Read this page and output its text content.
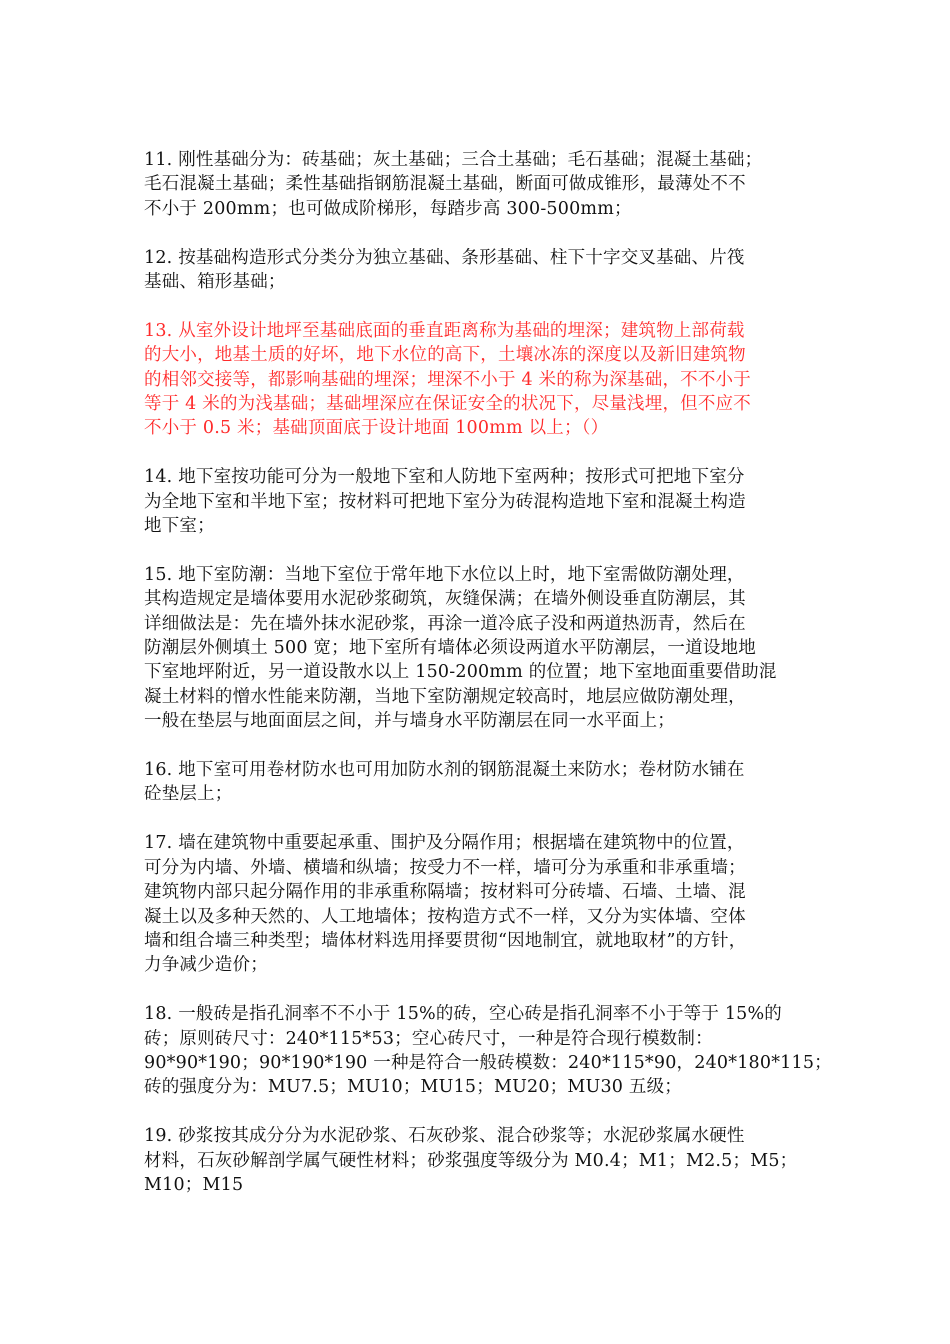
11. 刚性基础分为：砖基础；灰土基础；三合土基础；毛石基础；混凝土基础；
毛石混凝土基础；柔性基础指钢筋混凝土基础，断面可做成锥形，最薄处不不
不小于 200mm；也可做成阶梯形，每踏步高 300-500mm；
12. 按基础构造形式分类分为独立基础、条形基础、柱下十字交叉基础、片筏
基础、箱形基础；
13. 从室外设计地坪至基础底面的垂直距离称为基础的埋深；建筑物上部荷载
的大小，地基土质的好坏，地下水位的高下，土壤冰冻的深度以及新旧建筑物
的相邻交接等，都影响基础的埋深；埋深不小于 4 米的称为深基础，不不小于
等于 4 米的为浅基础；基础埋深应在保证安全的状况下，尽量浅埋，但不应不
不小于 0.5 米；基础顶面底于设计地面 100mm 以上；（）
14. 地下室按功能可分为一般地下室和人防地下室两种；按形式可把地下室分
为全地下室和半地下室；按材料可把地下室分为砖混构造地下室和混凝土构造
地下室；
15. 地下室防潮：当地下室位于常年地下水位以上时，地下室需做防潮处理，
其构造规定是墙体要用水泥砂浆砌筑，灰缝保满；在墙外侧设垂直防潮层，其
详细做法是：先在墙外抹水泥砂浆，再涂一道冷底子没和两道热沥青，然后在
防潮层外侧填土 500 宽；地下室所有墙体必须设两道水平防潮层，一道设地地
下室地坪附近，另一道设散水以上 150-200mm 的位置；地下室地面重要借助混
凝土材料的憎水性能来防潮，当地下室防潮规定较高时，地层应做防潮处理，
一般在垫层与地面面层之间，并与墙身水平防潮层在同一水平面上；
16. 地下室可用卷材防水也可用加防水剂的钢筋混凝土来防水；卷材防水铺在
砼垫层上；
17. 墙在建筑物中重要起承重、围护及分隔作用；根据墙在建筑物中的位置，
可分为内墙、外墙、横墙和纵墙；按受力不一样，墙可分为承重和非承重墙；
建筑物内部只起分隔作用的非承重称隔墙；按材料可分砖墙、石墙、土墙、混
凝土以及多种天然的、人工地墙体；按构造方式不一样，又分为实体墙、空体
墙和组合墙三种类型；墙体材料选用择要贯彻“因地制宜，就地取材”的方针，
力争减少造价；
18. 一般砖是指孔洞率不不小于 15%的砖，空心砖是指孔洞率不小于等于 15%的
砖；原则砖尺寸：240*115*53；空心砖尺寸，一种是符合现行模数制：
90*90*190；90*190*190 一种是符合一般砖模数：240*115*90，240*180*115；
砖的强度分为：MU7.5；MU10；MU15；MU20；MU30 五级；
19. 砂浆按其成分分为水泥砂浆、石灰砂浆、混合砂浆等；水泥砂浆属水硬性
材料，石灰砂解剖学属气硬性材料；砂浆强度等级分为 M0.4；M1；M2.5；M5；
M10；M15
